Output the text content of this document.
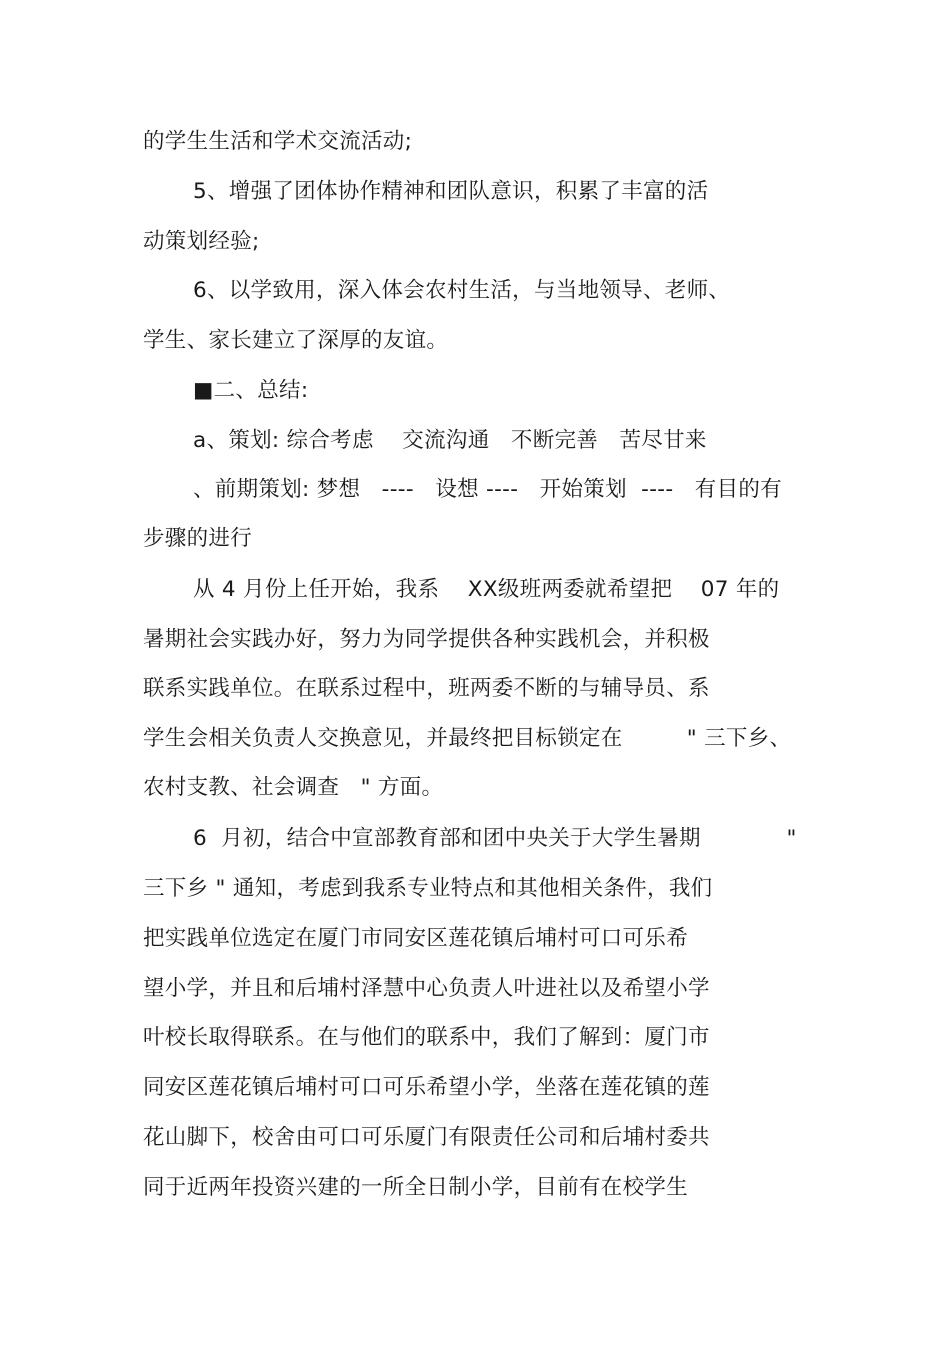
的学生生活和学术交流活动;

5、增强了团体协作精神和团队意识，积累了丰富的活

动策划经验;

6、以学致用，深入体会农村生活，与当地领导、老师、

学生、家长建立了深厚的友谊。

■二、总结:

a、策划: 综合考虑    交流沟通   不断完善   苦尽甘来

、前期策划: 梦想   ----   设想 ----   开始策划  ----   有目的有

步骤的进行

从 4 月份上任开始，我系    XX级班两委就希望把    07 年的

暑期社会实践办好，努力为同学提供各种实践机会，并积极

联系实践单位。在联系过程中，班两委不断的与辅导员、系

学生会相关负责人交换意见，并最终把目标锁定在         " 三下乡、

农村支教、社会调查   " 方面。

6  月初，结合中宣部教育部和团中央关于大学生暑期            "

三下乡 " 通知，考虑到我系专业特点和其他相关条件，我们

把实践单位选定在厦门市同安区莲花镇后埔村可口可乐希

望小学，并且和后埔村泽慧中心负责人叶进社以及希望小学

叶校长取得联系。在与他们的联系中，我们了解到：厦门市

同安区莲花镇后埔村可口可乐希望小学，坐落在莲花镇的莲

花山脚下，校舍由可口可乐厦门有限责任公司和后埔村委共

同于近两年投资兴建的一所全日制小学，目前有在校学生
